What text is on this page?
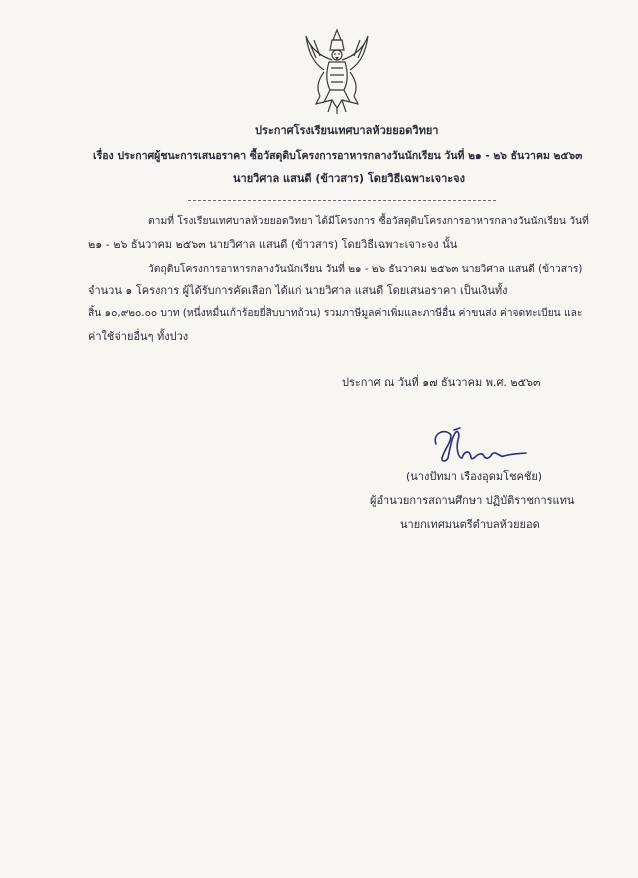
ประกาศโรงเรียนเทศบาลห้วยยอดวิทยา
เรื่อง ประกาศผู้ชนะการเสนอราคา ซื้อวัสดุดิบโครงการอาหารกลางวันนักเรียน วันที่ ๒๑ - ๒๖ ธันวาคม ๒๕๖๓
นายวิศาล แสนดี (ข้าวสาร) โดยวิธีเฉพาะเจาะจง
ตามที่ โรงเรียนเทศบาลห้วยยอดวิทยา ได้มีโครงการ ซื้อวัสดุดิบโครงการอาหารกลางวันนักเรียน วันที่
๒๑ - ๒๖ ธันวาคม ๒๕๖๓ นายวิศาล แสนดี (ข้าวสาร) โดยวิธีเฉพาะเจาะจง นั้น
วัตถุดิบโครงการอาหารกลางวันนักเรียน วันที่ ๒๑ - ๒๖ ธันวาคม ๒๕๖๓ นายวิศาล แสนดี (ข้าวสาร)
จำนวน ๑ โครงการ ผู้ได้รับการคัดเลือก ได้แก่ นายวิศาล แสนดี โดยเสนอราคา เป็นเงินทั้ง
สิ้น ๑๐,๙๒๐.๐๐ บาท (หนึ่งหมื่นเก้าร้อยยี่สิบบาทถ้วน) รวมภาษีมูลค่าเพิ่มและภาษีอื่น ค่าขนส่ง ค่าจดทะเบียน และ
ค่าใช้จ่ายอื่นๆ ทั้งปวง
ประกาศ ณ วันที่ ๑๗ ธันวาคม พ.ศ. ๒๕๖๓
(นางปัทมา เรืองอุดมโชคชัย)
ผู้อำนวยการสถานศึกษา ปฏิบัติราชการแทน
นายกเทศมนตรีตำบลห้วยยอด
